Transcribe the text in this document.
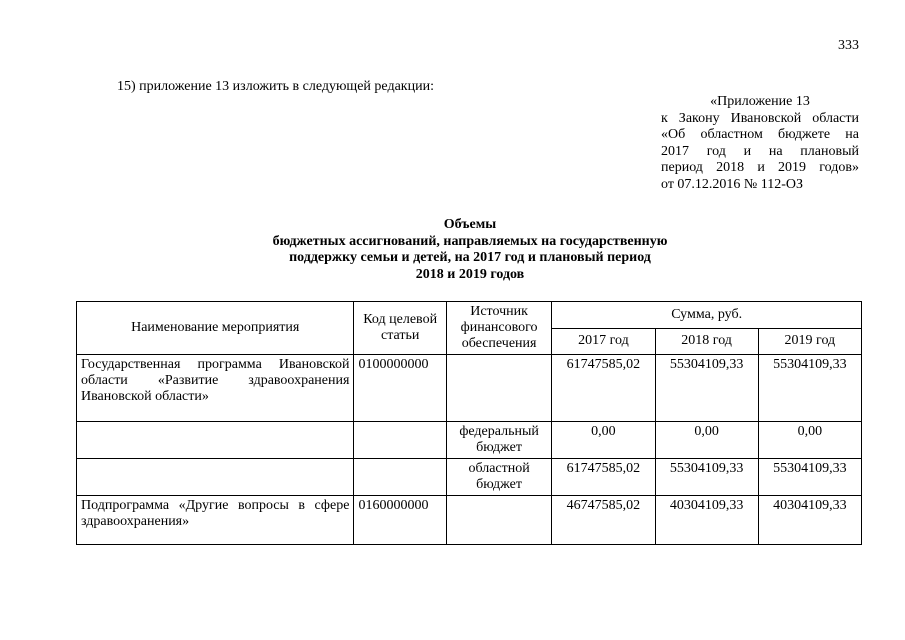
333
15) приложение 13 изложить в следующей редакции:
«Приложение 13
к Закону Ивановской области
«Об областном бюджете на
2017 год и на плановый
период 2018 и 2019 годов»
от 07.12.2016 № 112-ОЗ
Объемы
бюджетных ассигнований, направляемых на государственную
поддержку семьи и детей, на 2017 год и плановый период
2018 и 2019 годов
Наименование мероприятия	Код целевой статьи	Источник финансового обеспечения	Сумма, руб.		
			2017 год	2018 год	2019 год
Государственная программа Ивановской области «Развитие здравоохранения Ивановской области»	0100000000		61747585,02	55304109,33	55304109,33
		федеральный бюджет	0,00	0,00	0,00
		областной бюджет	61747585,02	55304109,33	55304109,33
Подпрограмма «Другие вопросы в сфере здравоохранения»	0160000000		46747585,02	40304109,33	40304109,33
